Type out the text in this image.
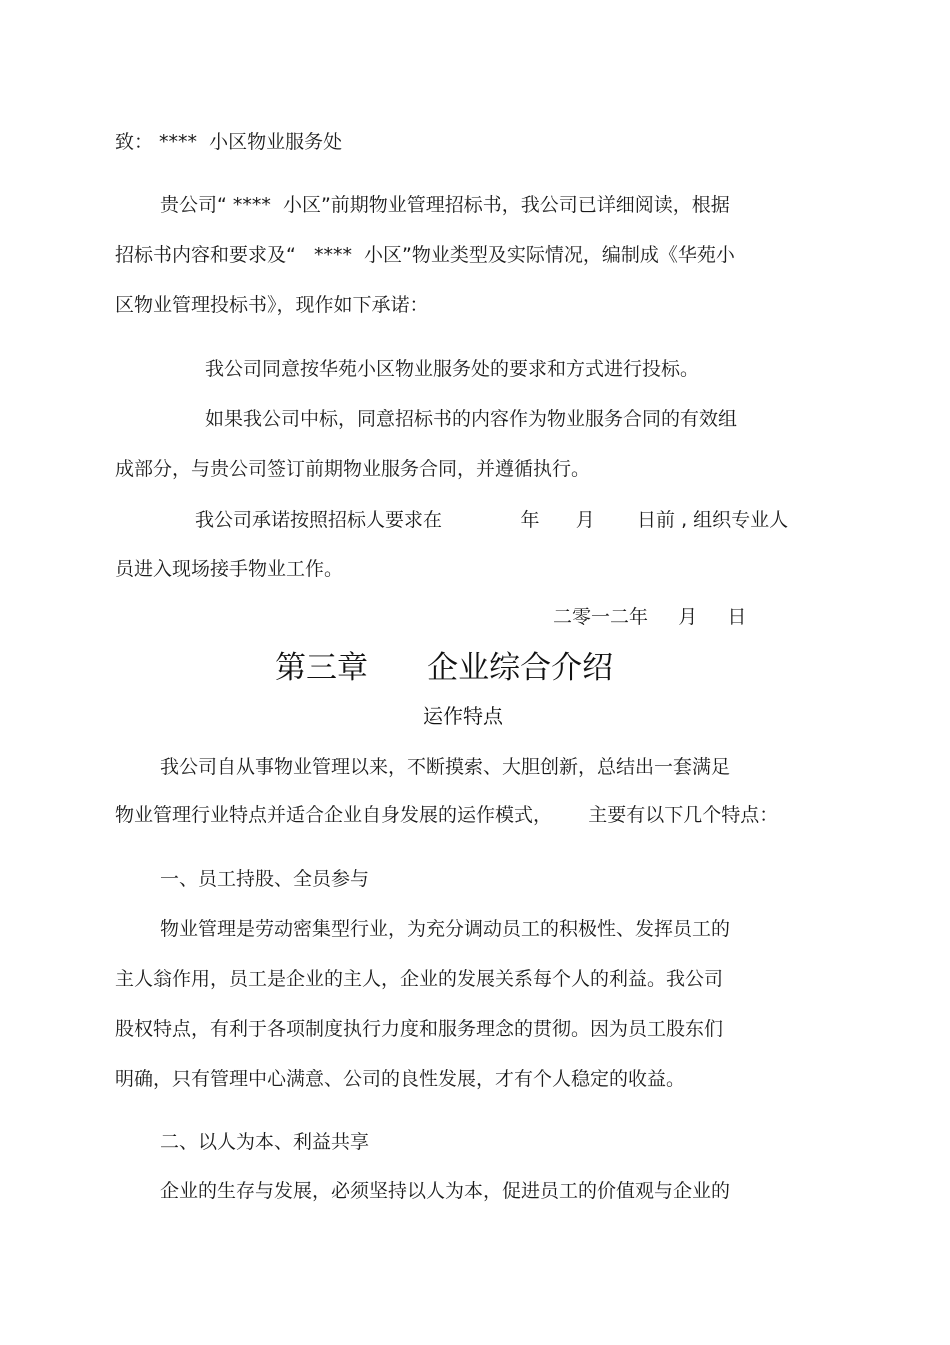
致： ****  小区物业服务处
贵公司“ ****  小区”前期物业管理招标书，我公司已详细阅读，根据
招标书内容和要求及“   ****  小区”物业类型及实际情况，编制成《华苑小
区物业管理投标书》，现作如下承诺：
我公司同意按华苑小区物业服务处的要求和方式进行投标。
如果我公司中标，同意招标书的内容作为物业服务合同的有效组
成部分，与贵公司签订前期物业服务合同，并遵循执行。
我公司承诺按照招标人要求在             年      月       日前 , 组织专业人
员进入现场接手物业工作。
二零一二年     月     日
第三章      企业综合介绍
运作特点
我公司自从事物业管理以来，不断摸索、大胆创新，总结出一套满足
物业管理行业特点并适合企业自身发展的运作模式，      主要有以下几个特点：
一、员工持股、全员参与
物业管理是劳动密集型行业，为充分调动员工的积极性、发挥员工的
主人翁作用，员工是企业的主人，企业的发展关系每个人的利益。我公司
股权特点，有利于各项制度执行力度和服务理念的贯彻。因为员工股东们
明确，只有管理中心满意、公司的良性发展，才有个人稳定的收益。
二、以人为本、利益共享
企业的生存与发展，必须坚持以人为本，促进员工的价值观与企业的
